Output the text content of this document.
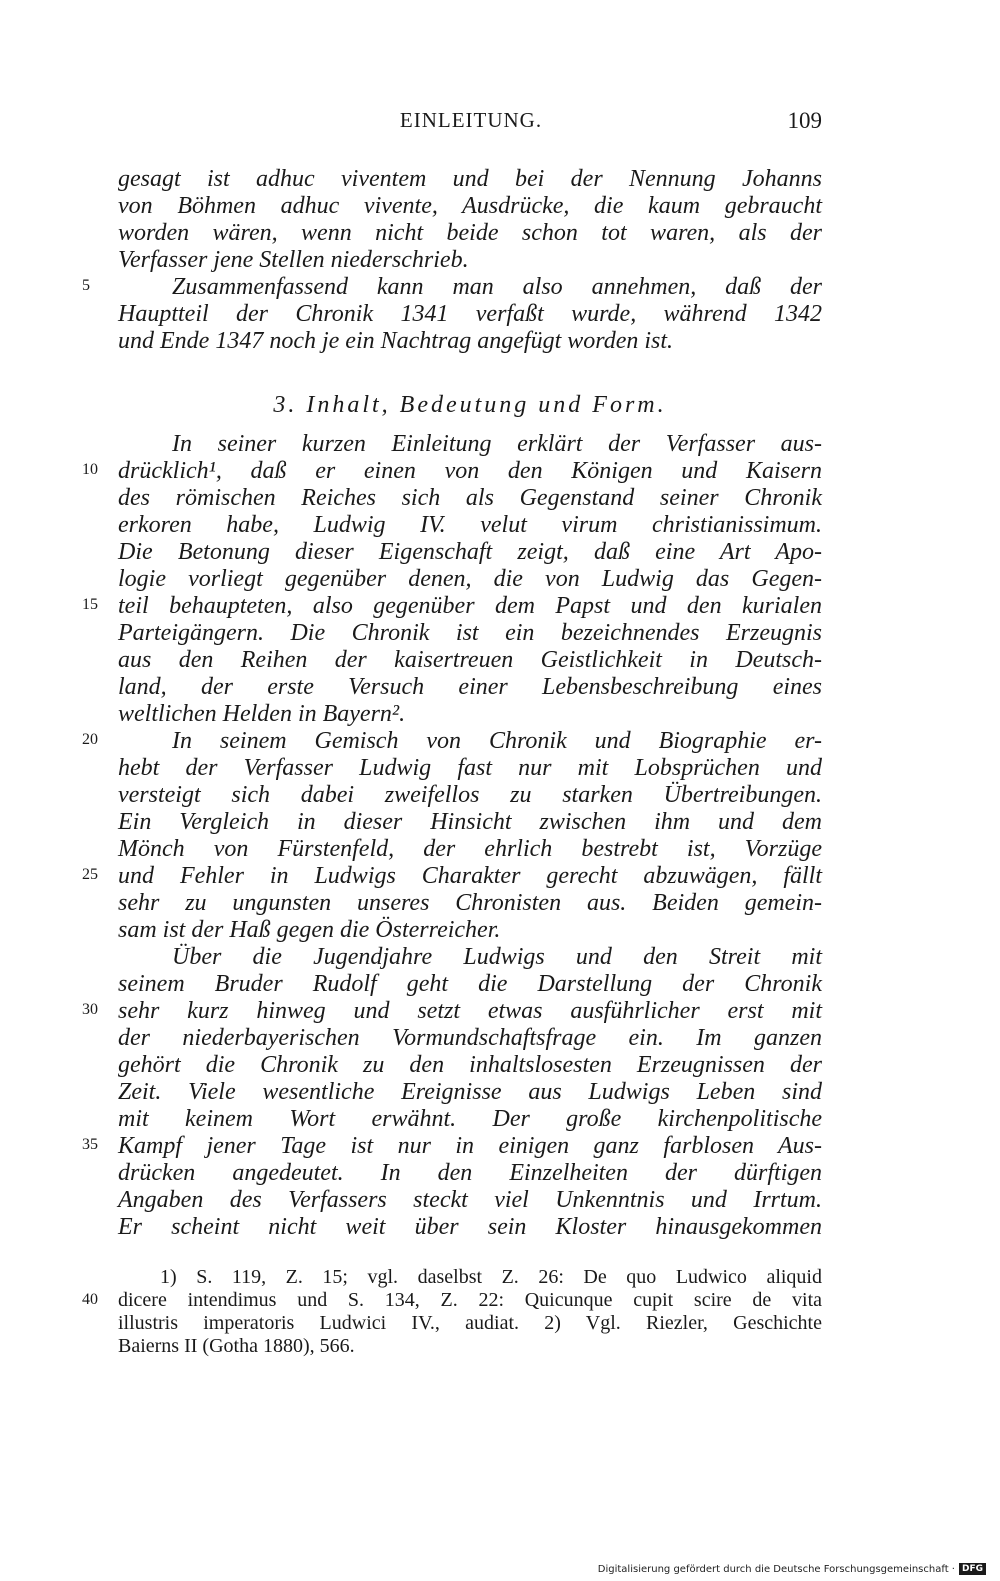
EINLEITUNG.	109
gesagt ist adhuc viventem und bei der Nennung Johanns
von Böhmen adhuc vivente, Ausdrücke, die kaum gebraucht
worden wären, wenn nicht beide schon tot waren, als der
Verfasser jene Stellen niederschrieb.
5	Zusammenfassend kann man also annehmen, daß der
Hauptteil der Chronik 1341 verfaßt wurde, während 1342
und Ende 1347 noch je ein Nachtrag angefügt worden ist.
3. Inhalt, Bedeutung und Form.
In seiner kurzen Einleitung erklärt der Verfasser aus-
10 drücklich¹, daß er einen von den Königen und Kaisern
des römischen Reiches sich als Gegenstand seiner Chronik
erkoren habe, Ludwig IV. velut virum christianissimum.
Die Betonung dieser Eigenschaft zeigt, daß eine Art Apo-
logie vorliegt gegenüber denen, die von Ludwig das Gegen-
15 teil behaupteten, also gegenüber dem Papst und den kurialen
Parteigängern. Die Chronik ist ein bezeichnendes Erzeugnis
aus den Reihen der kaisertreuen Geistlichkeit in Deutsch-
land, der erste Versuch einer Lebensbeschreibung eines
weltlichen Helden in Bayern².
20	In seinem Gemisch von Chronik und Biographie er-
hebt der Verfasser Ludwig fast nur mit Lobsprüchen und
versteigt sich dabei zweifellos zu starken Übertreibungen.
Ein Vergleich in dieser Hinsicht zwischen ihm und dem
Mönch von Fürstenfeld, der ehrlich bestrebt ist, Vorzüge
25 und Fehler in Ludwigs Charakter gerecht abzuwägen, fällt
sehr zu ungunsten unseres Chronisten aus. Beiden gemein-
sam ist der Haß gegen die Österreicher.
Über die Jugendjahre Ludwigs und den Streit mit
seinem Bruder Rudolf geht die Darstellung der Chronik
30 sehr kurz hinweg und setzt etwas ausführlicher erst mit
der niederbayerischen Vormundschaftsfrage ein. Im ganzen
gehört die Chronik zu den inhaltslosesten Erzeugnissen der
Zeit. Viele wesentliche Ereignisse aus Ludwigs Leben sind
mit keinem Wort erwähnt. Der große kirchenpolitische
35 Kampf jener Tage ist nur in einigen ganz farblosen Aus-
drücken angedeutet. In den Einzelheiten der dürftigen
Angaben des Verfassers steckt viel Unkenntnis und Irrtum.
Er scheint nicht weit über sein Kloster hinausgekommen
1) S. 119, Z. 15; vgl. daselbst Z. 26: De quo Ludwico aliquid
40	dicere intendimus und S. 134, Z. 22: Quicunque cupit scire de vita
illustris imperatoris Ludwici IV., audiat. 2) Vgl. Riezler, Geschichte
Baierns II (Gotha 1880), 566.
Digitalisierung gefördert durch die Deutsche Forschungsgemeinschaft · DFG
